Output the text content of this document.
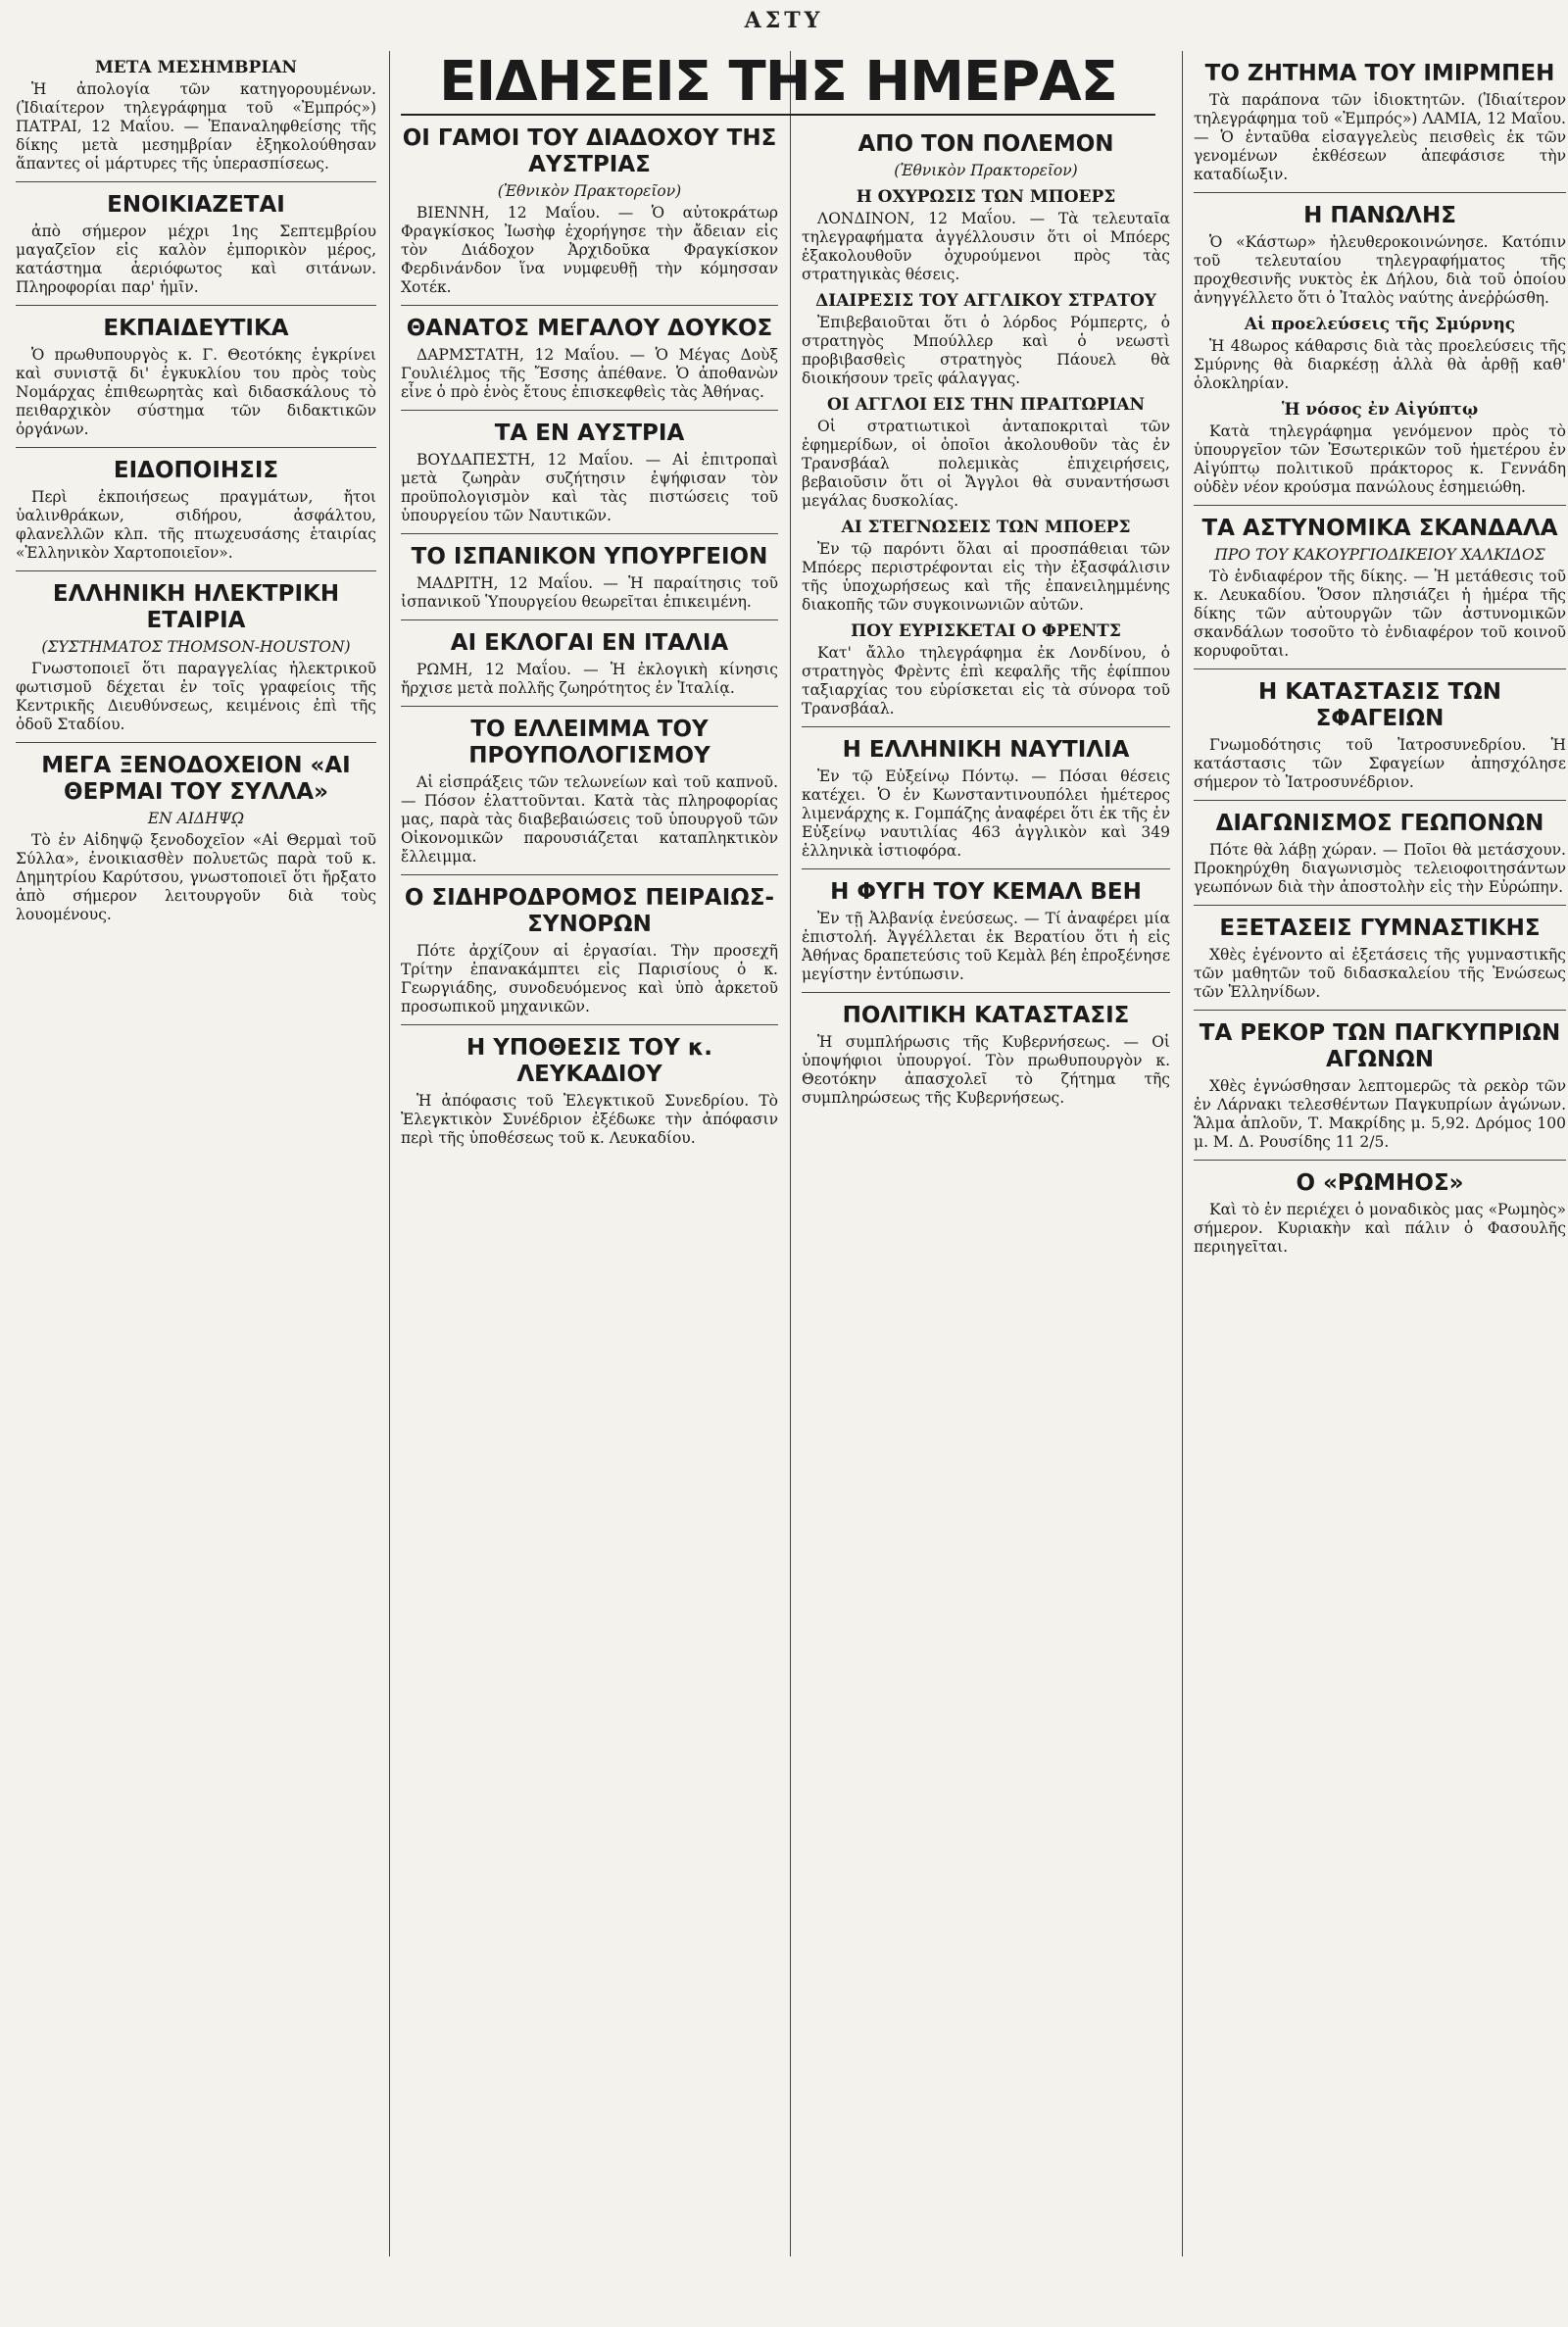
ΑΣΤΥ
ΜΕΤΑ ΜΕΣΗΜΒΡΙΑΝ

Ἡ ἀπολογία τῶν κατηγορουμένων. (Ἰδιαίτερον τηλεγράφημα τοῦ «Ἐμπρός») ΠΑΤΡΑΙ, 12 Μαΐου. — Ἐπαναληφθείσης τῆς δίκης μετὰ μεσημβρίαν ἐξηκολούθησαν ἅπαντες οἱ μάρτυρες τῆς ὑπερασπίσεως.

ΕΝΟΙΚΙΑΖΕΤΑΙ

ἀπὸ σήμερον μέχρι 1ης Σεπτεμβρίου μαγαζεῖον εἰς καλὸν ἐμπορικὸν μέρος, κατάστημα ἀεριόφωτος καὶ σιτάνων. Πληροφορίαι παρ' ἡμῖν.

ΕΚΠΑΙΔΕΥΤΙΚΑ

Ὁ πρωθυπουργὸς κ. Γ. Θεοτόκης ἐγκρίνει καὶ συνιστᾷ δι' ἐγκυκλίου του πρὸς τοὺς Νομάρχας ἐπιθεωρητὰς καὶ διδασκάλους τὸ πειθαρχικὸν σύστημα τῶν διδακτικῶν ὀργάνων.

ΕΙΔΟΠΟΙΗΣΙΣ

Περὶ ἐκποιήσεως πραγμάτων, ἤτοι ὑαλινθράκων, σιδήρου, ἀσφάλτου, φλανελλῶν κλπ. τῆς πτωχευσάσης ἑταιρίας «Ἑλληνικὸν Χαρτοποιεῖον».

ΕΛΛΗΝΙΚΗ ΗΛΕΚΤΡΙΚΗ ΕΤΑΙΡΙΑ
(ΣΥΣΤΗΜΑΤΟΣ THOMSON-HOUSTON)

Γνωστοποιεῖ ὅτι παραγγελίας ἠλεκτρικοῦ φωτισμοῦ δέχεται ἐν τοῖς γραφείοις τῆς Κεντρικῆς Διευθύνσεως, κειμένοις ἐπὶ τῆς ὁδοῦ Σταδίου.

ΜΕΓΑ ΞΕΝΟΔΟΧΕΙΟΝ «ΑΙ ΘΕΡΜΑΙ ΤΟΥ ΣΥΛΛΑ»
ΕΝ ΑΙΔΗΨῼ

Τὸ ἐν Αἰδηψῷ ξενοδοχεῖον «Αἱ Θερμαὶ τοῦ Σύλλα», ἐνοικιασθὲν πολυετῶς παρὰ τοῦ κ. Δημητρίου Καρύτσου, γνωστοποιεῖ ὅτι ἤρξατο ἀπὸ σήμερον λειτουργοῦν διὰ τοὺς λουομένους.

ΕΙΔΗΣΕΙΣ ΤΗΣ ΗΜΕΡΑΣ
ΟΙ ΓΑΜΟΙ ΤΟΥ ΔΙΑΔΟΧΟΥ ΤΗΣ ΑΥΣΤΡΙΑΣ
(Ἐθνικὸν Πρακτορεῖον)

ΒΙΕΝΝΗ, 12 Μαΐου. — Ὁ αὐτοκράτωρ Φραγκίσκος Ἰωσὴφ ἐχορήγησε τὴν ἄδειαν εἰς τὸν Διάδοχον Ἀρχιδοῦκα Φραγκίσκον Φερδινάνδον ἵνα νυμφευθῇ τὴν κόμησσαν Χοτέκ.

ΘΑΝΑΤΟΣ ΜΕΓΑΛΟΥ ΔΟΥΚΟΣ

ΔΑΡΜΣΤΑΤΗ, 12 Μαΐου. — Ὁ Μέγας Δοὺξ Γουλιέλμος τῆς Ἔσσης ἀπέθανε. Ὁ ἀποθανὼν εἶνε ὁ πρὸ ἑνὸς ἔτους ἐπισκεφθεὶς τὰς Ἀθήνας.

ΤΑ ΕΝ ΑΥΣΤΡΙΑ

ΒΟΥΔΑΠΕΣΤΗ, 12 Μαΐου. — Αἱ ἐπιτροπαὶ μετὰ ζωηρὰν συζήτησιν ἐψήφισαν τὸν προϋπολογισμὸν καὶ τὰς πιστώσεις τοῦ ὑπουργείου τῶν Ναυτικῶν.

ΤΟ ΙΣΠΑΝΙΚΟΝ ΥΠΟΥΡΓΕΙΟΝ

ΜΑΔΡΙΤΗ, 12 Μαΐου. — Ἡ παραίτησις τοῦ ἰσπανικοῦ Ὑπουργείου θεωρεῖται ἐπικειμένη.

ΑΙ ΕΚΛΟΓΑΙ ΕΝ ΙΤΑΛΙΑ

ΡΩΜΗ, 12 Μαΐου. — Ἡ ἐκλογικὴ κίνησις ἤρχισε μετὰ πολλῆς ζωηρότητος ἐν Ἰταλίᾳ.

ΤΟ ΕΛΛΕΙΜΜΑ ΤΟΥ ΠΡΟΥΠΟΛΟΓΙΣΜΟΥ

Αἱ εἰσπράξεις τῶν τελωνείων καὶ τοῦ καπνοῦ. — Πόσον ἐλαττοῦνται. Κατὰ τὰς πληροφορίας μας, παρὰ τὰς διαβεβαιώσεις τοῦ ὑπουργοῦ τῶν Οἰκονομικῶν παρουσιάζεται καταπληκτικὸν ἔλλειμμα.

Ο ΣΙΔΗΡΟΔΡΟΜΟΣ ΠΕΙΡΑΙΩΣ-ΣΥΝΟΡΩΝ

Πότε ἀρχίζουν αἱ ἐργασίαι. Τὴν προσεχῆ Τρίτην ἐπανακάμπτει εἰς Παρισίους ὁ κ. Γεωργιάδης, συνοδευόμενος καὶ ὑπὸ ἀρκετοῦ προσωπικοῦ μηχανικῶν.

Η ΥΠΟΘΕΣΙΣ ΤΟΥ κ. ΛΕΥΚΑΔΙΟΥ

Ἡ ἀπόφασις τοῦ Ἐλεγκτικοῦ Συνεδρίου. Τὸ Ἐλεγκτικὸν Συνέδριον ἐξέδωκε τὴν ἀπόφασιν περὶ τῆς ὑποθέσεως τοῦ κ. Λευκαδίου.

ΑΠΟ ΤΟΝ ΠΟΛΕΜΟΝ
(Ἐθνικὸν Πρακτορεῖον)
Η ΟΧΥΡΩΣΙΣ ΤΩΝ ΜΠΟΕΡΣ

ΛΟΝΔΙΝΟΝ, 12 Μαΐου. — Τὰ τελευταῖα τηλεγραφήματα ἀγγέλλουσιν ὅτι οἱ Μπόερς ἐξακολουθοῦν ὀχυρούμενοι πρὸς τὰς στρατηγικὰς θέσεις.

ΔΙΑΙΡΕΣΙΣ ΤΟΥ ΑΓΓΛΙΚΟΥ ΣΤΡΑΤΟΥ

Ἐπιβεβαιοῦται ὅτι ὁ λόρδος Ρόμπερτς, ὁ στρατηγὸς Μπούλλερ καὶ ὁ νεωστὶ προβιβασθεὶς στρατηγὸς Πάουελ θὰ διοικήσουν τρεῖς φάλαγγας.

ΟΙ ΑΓΓΛΟΙ ΕΙΣ ΤΗΝ ΠΡΑΙΤΩΡΙΑΝ

Οἱ στρατιωτικοὶ ἀνταποκριταὶ τῶν ἐφημερίδων, οἱ ὁποῖοι ἀκολουθοῦν τὰς ἐν Τρανσβάαλ πολεμικὰς ἐπιχειρήσεις, βεβαιοῦσιν ὅτι οἱ Ἄγγλοι θὰ συναντήσωσι μεγάλας δυσκολίας.

ΑΙ ΣΤΕΓΝΩΣΕΙΣ ΤΩΝ ΜΠΟΕΡΣ

Ἐν τῷ παρόντι ὅλαι αἱ προσπάθειαι τῶν Μπόερς περιστρέφονται εἰς τὴν ἐξασφάλισιν τῆς ὑποχωρήσεως καὶ τῆς ἐπανειλημμένης διακοπῆς τῶν συγκοινωνιῶν αὐτῶν.

ΠΟΥ ΕΥΡΙΣΚΕΤΑΙ Ο ΦΡΕΝΤΣ

Κατ' ἄλλο τηλεγράφημα ἐκ Λονδίνου, ὁ στρατηγὸς Φρὲντς ἐπὶ κεφαλῆς τῆς ἐφίππου ταξιαρχίας του εὑρίσκεται εἰς τὰ σύνορα τοῦ Τρανσβάαλ.

Η ΕΛΛΗΝΙΚΗ ΝΑΥΤΙΛΙΑ

Ἐν τῷ Εὐξείνῳ Πόντῳ. — Πόσαι θέσεις κατέχει. Ὁ ἐν Κωνσταντινουπόλει ἡμέτερος λιμενάρχης κ. Γομπάζης ἀναφέρει ὅτι ἐκ τῆς ἐν Εὐξείνῳ ναυτιλίας 463 ἀγγλικὸν καὶ 349 ἑλληνικὰ ἱστιοφόρα.

Η ΦΥΓΗ ΤΟΥ ΚΕΜΑΛ ΒΕΗ

Ἐν τῇ Ἀλβανίᾳ ἐνεύσεως. — Τί ἀναφέρει μία ἐπιστολή. Ἀγγέλλεται ἐκ Βερατίου ὅτι ἡ εἰς Ἀθήνας δραπετεύσις τοῦ Κεμὰλ βέη ἐπροξένησε μεγίστην ἐντύπωσιν.

ΠΟΛΙΤΙΚΗ ΚΑΤΑΣΤΑΣΙΣ

Ἡ συμπλήρωσις τῆς Κυβερνήσεως. — Οἱ ὑποψήφιοι ὑπουργοί. Τὸν πρωθυπουργὸν κ. Θεοτόκην ἀπασχολεῖ τὸ ζήτημα τῆς συμπληρώσεως τῆς Κυβερνήσεως.

ΤΟ ΖΗΤΗΜΑ ΤΟΥ ΙΜΙΡΜΠΕΗ

Τὰ παράπονα τῶν ἰδιοκτητῶν. (Ἰδιαίτερον τηλεγράφημα τοῦ «Ἐμπρός») ΛΑΜΙΑ, 12 Μαΐου. — Ὁ ἐνταῦθα εἰσαγγελεὺς πεισθεὶς ἐκ τῶν γενομένων ἐκθέσεων ἀπεφάσισε τὴν καταδίωξιν.

Η ΠΑΝΩΛΗΣ

Ὁ «Κάστωρ» ἠλευθεροκοινώνησε. Κατόπιν τοῦ τελευταίου τηλεγραφήματος τῆς προχθεσινῆς νυκτὸς ἐκ Δήλου, διὰ τοῦ ὁποίου ἀνηγγέλλετο ὅτι ὁ Ἰταλὸς ναύτης ἀνεῤῥώσθη.

Αἱ προελεύσεις τῆς Σμύρνης

Ἡ 48ωρος κάθαρσις διὰ τὰς προελεύσεις τῆς Σμύρνης θὰ διαρκέσῃ ἀλλὰ θὰ ἀρθῇ καθ' ὁλοκληρίαν.

Ἡ νόσος ἐν Αἰγύπτῳ

Κατὰ τηλεγράφημα γενόμενον πρὸς τὸ ὑπουργεῖον τῶν Ἐσωτερικῶν τοῦ ἡμετέρου ἐν Αἰγύπτῳ πολιτικοῦ πράκτορος κ. Γεννάδη οὐδὲν νέον κρούσμα πανώλους ἐσημειώθη.

ΤΑ ΑΣΤΥΝΟΜΙΚΑ ΣΚΑΝΔΑΛΑ
ΠΡΟ ΤΟΥ ΚΑΚΟΥΡΓΙΟΔΙΚΕΙΟΥ ΧΑΛΚΙΔΟΣ

Τὸ ἐνδιαφέρον τῆς δίκης. — Ἡ μετάθεσις τοῦ κ. Λευκαδίου. Ὅσον πλησιάζει ἡ ἡμέρα τῆς δίκης τῶν αὐτουργῶν τῶν ἀστυνομικῶν σκανδάλων τοσοῦτο τὸ ἐνδιαφέρον τοῦ κοινοῦ κορυφοῦται.

Η ΚΑΤΑΣΤΑΣΙΣ ΤΩΝ ΣΦΑΓΕΙΩΝ

Γνωμοδότησις τοῦ Ἰατροσυνεδρίου. Ἡ κατάστασις τῶν Σφαγείων ἀπησχόλησε σήμερον τὸ Ἰατροσυνέδριον.

ΔΙΑΓΩΝΙΣΜΟΣ ΓΕΩΠΟΝΩΝ

Πότε θὰ λάβῃ χώραν. — Ποῖοι θὰ μετάσχουν. Προκηρύχθη διαγωνισμὸς τελειοφοιτησάντων γεωπόνων διὰ τὴν ἀποστολὴν εἰς τὴν Εὐρώπην.

ΕΞΕΤΑΣΕΙΣ ΓΥΜΝΑΣΤΙΚΗΣ

Χθὲς ἐγένοντο αἱ ἐξετάσεις τῆς γυμναστικῆς τῶν μαθητῶν τοῦ διδασκαλείου τῆς Ἑνώσεως τῶν Ἑλληνίδων.

ΤΑ ΡΕΚΟΡ ΤΩΝ ΠΑΓΚΥΠΡΙΩΝ ΑΓΩΝΩΝ

Χθὲς ἐγνώσθησαν λεπτομερῶς τὰ ρεκὸρ τῶν ἐν Λάρνακι τελεσθέντων Παγκυπρίων ἀγώνων. Ἅλμα ἀπλοῦν, Τ. Μακρίδης μ. 5,92. Δρόμος 100 μ. Μ. Δ. Ρουσίδης 11 2/5.

Ο «ΡΩΜΗΟΣ»

Καὶ τὸ ἐν περιέχει ὁ μοναδικὸς μας «Ρωμηὸς» σήμερον. Κυριακὴν καὶ πάλιν ὁ Φασουλῆς περιηγεῖται.
